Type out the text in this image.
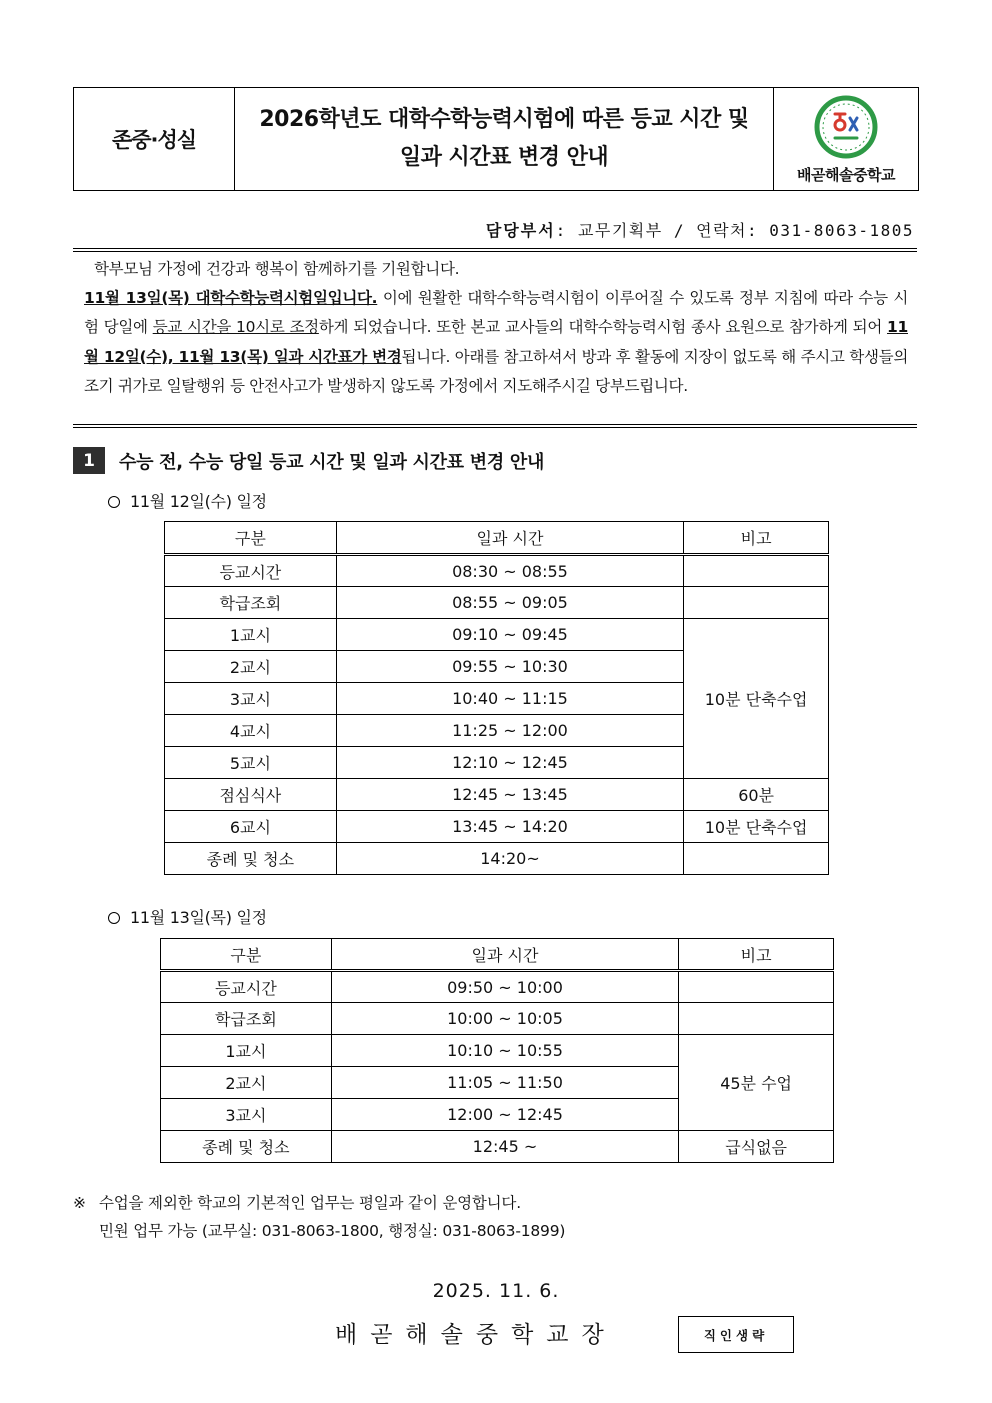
존중·성실
2026학년도 대학수학능력시험에 따른 등교 시간 및
일과 시간표 변경 안내
배곧해솔중학교
담당부서: 교무기획부 / 연락처: 031-8063-1805

학부모님 가정에 건강과 행복이 함께하기를 기원합니다.

11월 13일(목) 대학수학능력시험일입니다. 이에 원활한 대학수학능력시험이 이루어질 수 있도록 정부 지침에 따라 수능 시험 당일에 등교 시간을 10시로 조정하게 되었습니다. 또한 본교 교사들의 대학수학능력시험 종사 요원으로 참가하게 되어 11월 12일(수), 11월 13(목) 일과 시간표가 변경됩니다. 아래를 참고하셔서 방과 후 활동에 지장이 없도록 해 주시고 학생들의 조기 귀가로 일탈행위 등 안전사고가 발생하지 않도록 가정에서 지도해주시길 당부드립니다.

1	수능 전, 수능 당일 등교 시간 및 일과 시간표 변경 안내
11월 12일(수) 일정
구분	일과 시간	비고
등교시간	08:30 ~ 08:55	
학급조회	08:55 ~ 09:05	
1교시	09:10 ~ 09:45	10분 단축수업
2교시	09:55 ~ 10:30	
3교시	10:40 ~ 11:15	
4교시	11:25 ~ 12:00	
5교시	12:10 ~ 12:45	
점심식사	12:45 ~ 13:45	60분
6교시	13:45 ~ 14:20	10분 단축수업
종례 및 청소	14:20~	
11월 13일(목) 일정
구분	일과 시간	비고
등교시간	09:50 ~ 10:00	
학급조회	10:00 ~ 10:05	
1교시	10:10 ~ 10:55	45분 수업
2교시	11:05 ~ 11:50	
3교시	12:00 ~ 12:45	
종례 및 청소	12:45 ~	급식없음
※ 수업을 제외한 학교의 기본적인 업무는 평일과 같이 운영합니다.
민원 업무 가능 (교무실: 031-8063-1800, 행정실: 031-8063-1899)
2025. 11. 6.
배곧해솔중학교장	직인생략
